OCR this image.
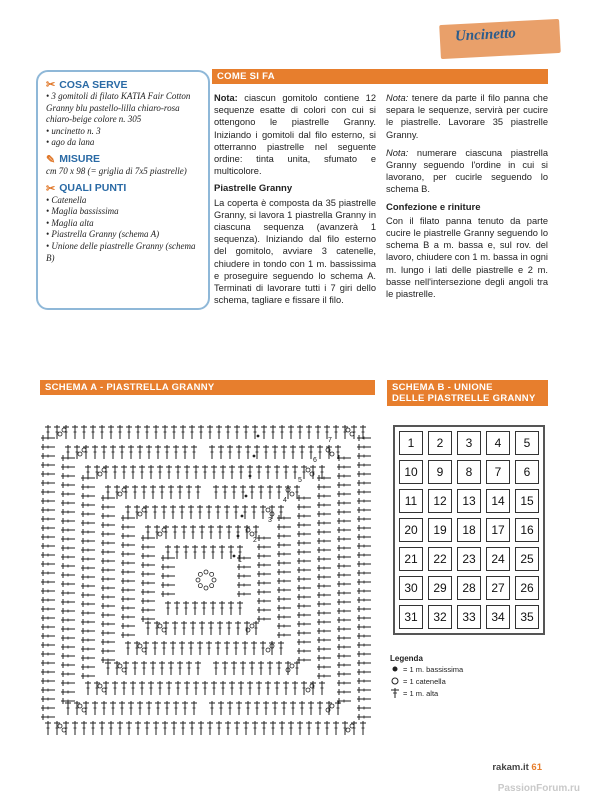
Uncinetto
✂ COSA SERVE
• 3 gomitoli di filato KATIA Fair Cotton Granny blu pastello-lilla chiaro-rosa chiaro-beige colore n. 305
• uncinetto n. 3
• ago da lana
✎ MISURE
cm 70 x 98 (= griglia di 7x5 piastrelle)
✂ QUALI PUNTI
• Catenella
• Maglia bassissima
• Maglia alta
• Piastrella Granny (schema A)
• Unione delle piastrelle Granny (schema B)
COME SI FA

Nota: ciascun gomitolo contiene 12 sequenze esatte di colori con cui si ottengono le piastrelle Granny. Iniziando i gomitoli dal filo esterno, si otterranno piastrelle nel seguente ordine: tinta unita, sfumato e multicolore.

Piastrelle Granny

La coperta è composta da 35 piastrelle Granny, si lavora 1 piastrella Granny in ciascuna sequenza (avanzerà 1 sequenza). Iniziando dal filo esterno del gomitolo, avviare 3 catenelle, chiudere in tondo con 1 m. bassissima e proseguire seguendo lo schema A. Terminati di lavorare tutti i 7 giri dello schema, tagliare e fissare il filo.

Nota: tenere da parte il filo panna che separa le sequenze, servirà per cucire le piastrelle. Lavorare 35 piastrelle Granny.

Nota: numerare ciascuna piastrella Granny seguendo l'ordine in cui si lavorano, per cucirle seguendo lo schema B.

Confezione e riniture

Con il filato panna tenuto da parte cucire le piastrelle Granny seguendo lo schema B a m. bassa e, sul rov. del lavoro, chiudere con 1 m. bassa in ogni m. lungo i lati delle piastrelle e 2 m. basse nell'intersezione degli angoli tra le piastrelle.

SCHEMA A - PIASTRELLA GRANNY
1
2
3
4
5
6
7
SCHEMA B - UNIONE
DELLE PIASTRELLE GRANNY
1	2	3	4	5
10	9	8	7	6
11	12	13	14	15
20	19	18	17	16
21	22	23	24	25
30	29	28	27	26
31	32	33	34	35
Legenda
= 1 m. bassissima
= 1 catenella
= 1 m. alta
rakam.it 61
PassionForum.ru
